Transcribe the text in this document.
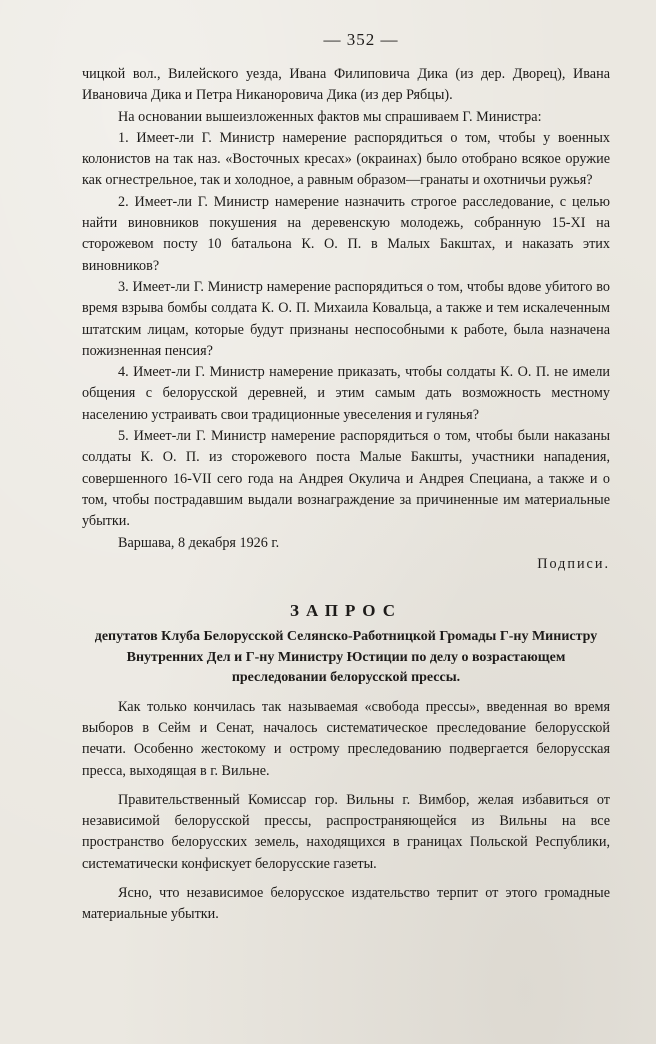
— 352 —

чицкой вол., Вилейского уезда, Ивана Филиповича Дика (из дер. Дворец), Ивана Ивановича Дика и Петра Никаноровича Дика (из дер Рябцы).

На основании вышеизложенных фактов мы спрашиваем Г. Министра:

1. Имеет-ли Г. Министр намерение распорядиться о том, чтобы у военных колонистов на так наз. «Восточных кресах» (окраинах) было отобрано всякое оружие как огнестрельное, так и холодное, а равным образом—гранаты и охотничьи ружья?

2. Имеет-ли Г. Министр намерение назначить строгое расследование, с целью найти виновников покушения на деревенскую молодежь, собранную 15-XI на сторожевом посту 10 батальона К. О. П. в Малых Бакштах, и наказать этих виновников?

3. Имеет-ли Г. Министр намерение распорядиться о том, чтобы вдове убитого во время взрыва бомбы солдата К. О. П. Михаила Ковальца, а также и тем искалеченным штатским лицам, которые будут признаны неспособными к работе, была назначена пожизненная пенсия?

4. Имеет-ли Г. Министр намерение приказать, чтобы солдаты К. О. П. не имели общения с белорусской деревней, и этим самым дать возможность местному населению устраивать свои традиционные увеселения и гулянья?

5. Имеет-ли Г. Министр намерение распорядиться о том, чтобы были наказаны солдаты К. О. П. из сторожевого поста Малые Бакшты, участники нападения, совершенного 16-VII сего года на Андрея Окулича и Андрея Специана, а также и о том, чтобы пострадавшим выдали вознаграждение за причиненные им материальные убытки.

Варшава, 8 декабря 1926 г.
Подписи.
ЗАПРОС
депутатов Клуба Белорусской Селянско-Работницкой Громады Г-ну Министру Внутренних Дел и Г-ну Министру Юстиции по делу о возрастающем преследовании белорусской прессы.

Как только кончилась так называемая «свобода прессы», введенная во время выборов в Сейм и Сенат, началось систематическое преследование белорусской печати. Особенно жестокому и острому преследованию подвергается белорусская пресса, выходящая в г. Вильне.

Правительственный Комиссар гор. Вильны г. Вимбор, желая избавиться от независимой белорусской прессы, распространяющейся из Вильны на все пространство белорусских земель, находящихся в границах Польской Республики, систематически конфискует белорусские газеты.

Ясно, что независимое белорусское издательство терпит от этого громадные материальные убытки.
